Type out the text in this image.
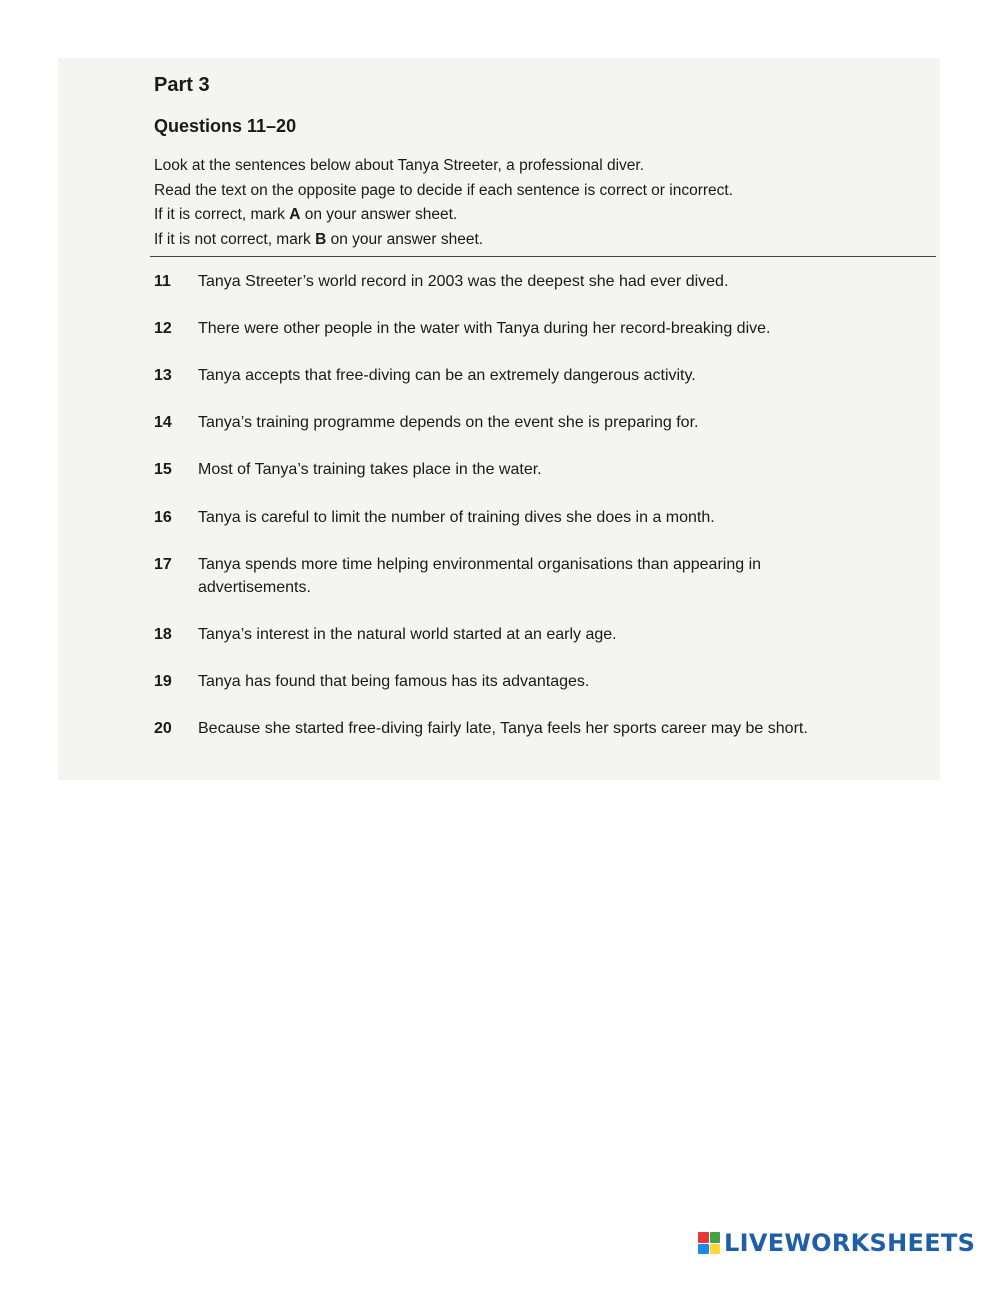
Part 3
Questions 11–20
Look at the sentences below about Tanya Streeter, a professional diver.
Read the text on the opposite page to decide if each sentence is correct or incorrect.
If it is correct, mark A on your answer sheet.
If it is not correct, mark B on your answer sheet.
11	Tanya Streeter’s world record in 2003 was the deepest she had ever dived.
12	There were other people in the water with Tanya during her record-breaking dive.
13	Tanya accepts that free-diving can be an extremely dangerous activity.
14	Tanya’s training programme depends on the event she is preparing for.
15	Most of Tanya’s training takes place in the water.
16	Tanya is careful to limit the number of training dives she does in a month.
17	Tanya spends more time helping environmental organisations than appearing in advertisements.
18	Tanya’s interest in the natural world started at an early age.
19	Tanya has found that being famous has its advantages.
20	Because she started free-diving fairly late, Tanya feels her sports career may be short.
LIVEWORKSHEETS
